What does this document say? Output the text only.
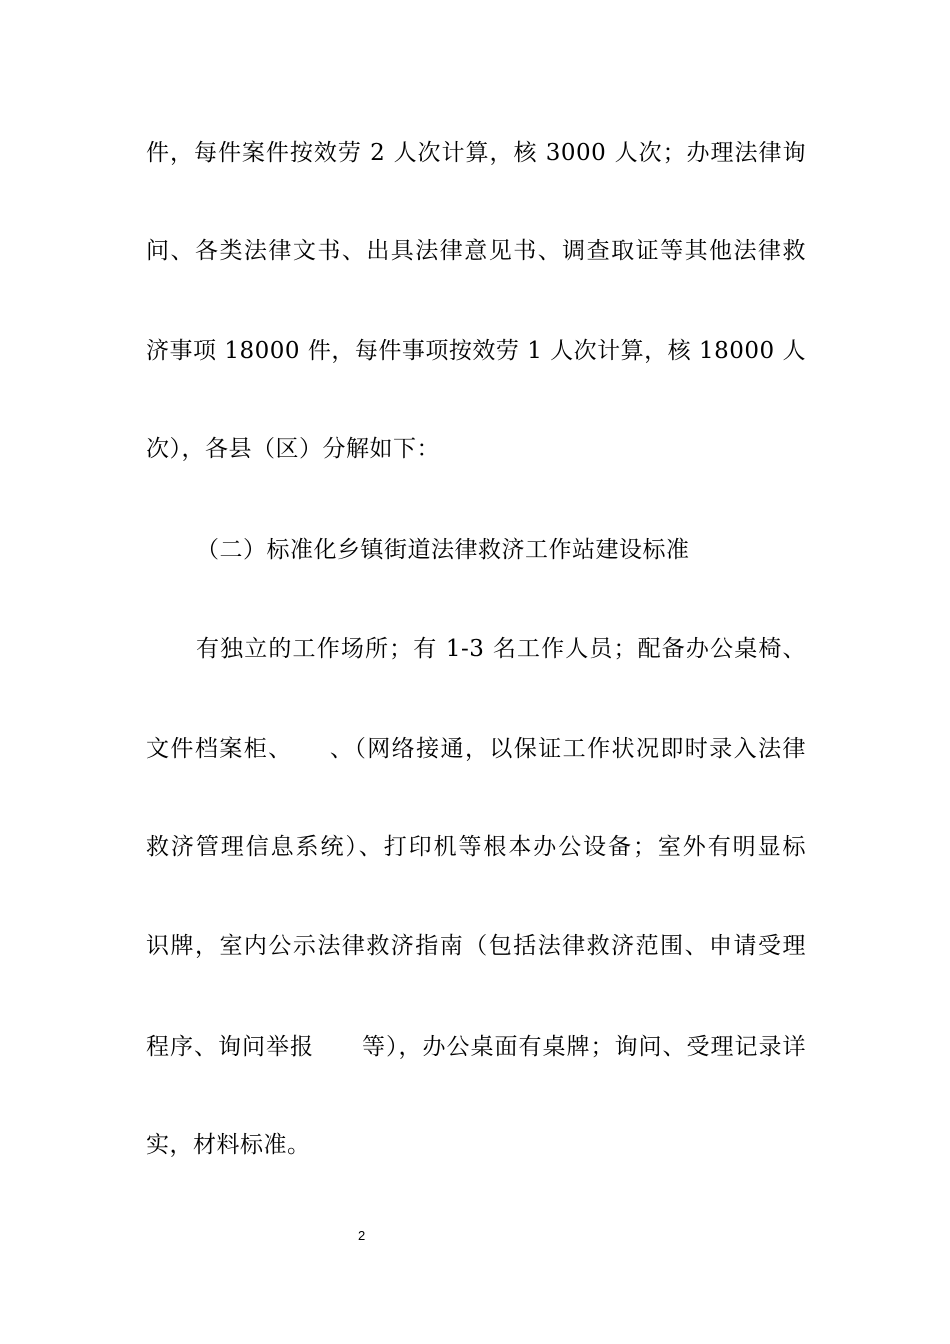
件，每件案件按效劳 2 人次计算，核 3000 人次；办理法律询
问、各类法律文书、出具法律意见书、调查取证等其他法律救
济事项 18000 件，每件事项按效劳 1 人次计算，核 18000 人
次），各县（区）分解如下：
（二）标准化乡镇街道法律救济工作站建设标准
有独立的工作场所；有 1-3 名工作人员；配备办公桌椅、
文件档案柜、　　、（网络接通，以保证工作状况即时录入法律
救济管理信息系统）、打印机等根本办公设备；室外有明显标
识牌，室内公示法律救济指南（包括法律救济范围、申请受理
程序、询问举报　　等），办公桌面有桌牌；询问、受理记录详
实，材料标准。
2
